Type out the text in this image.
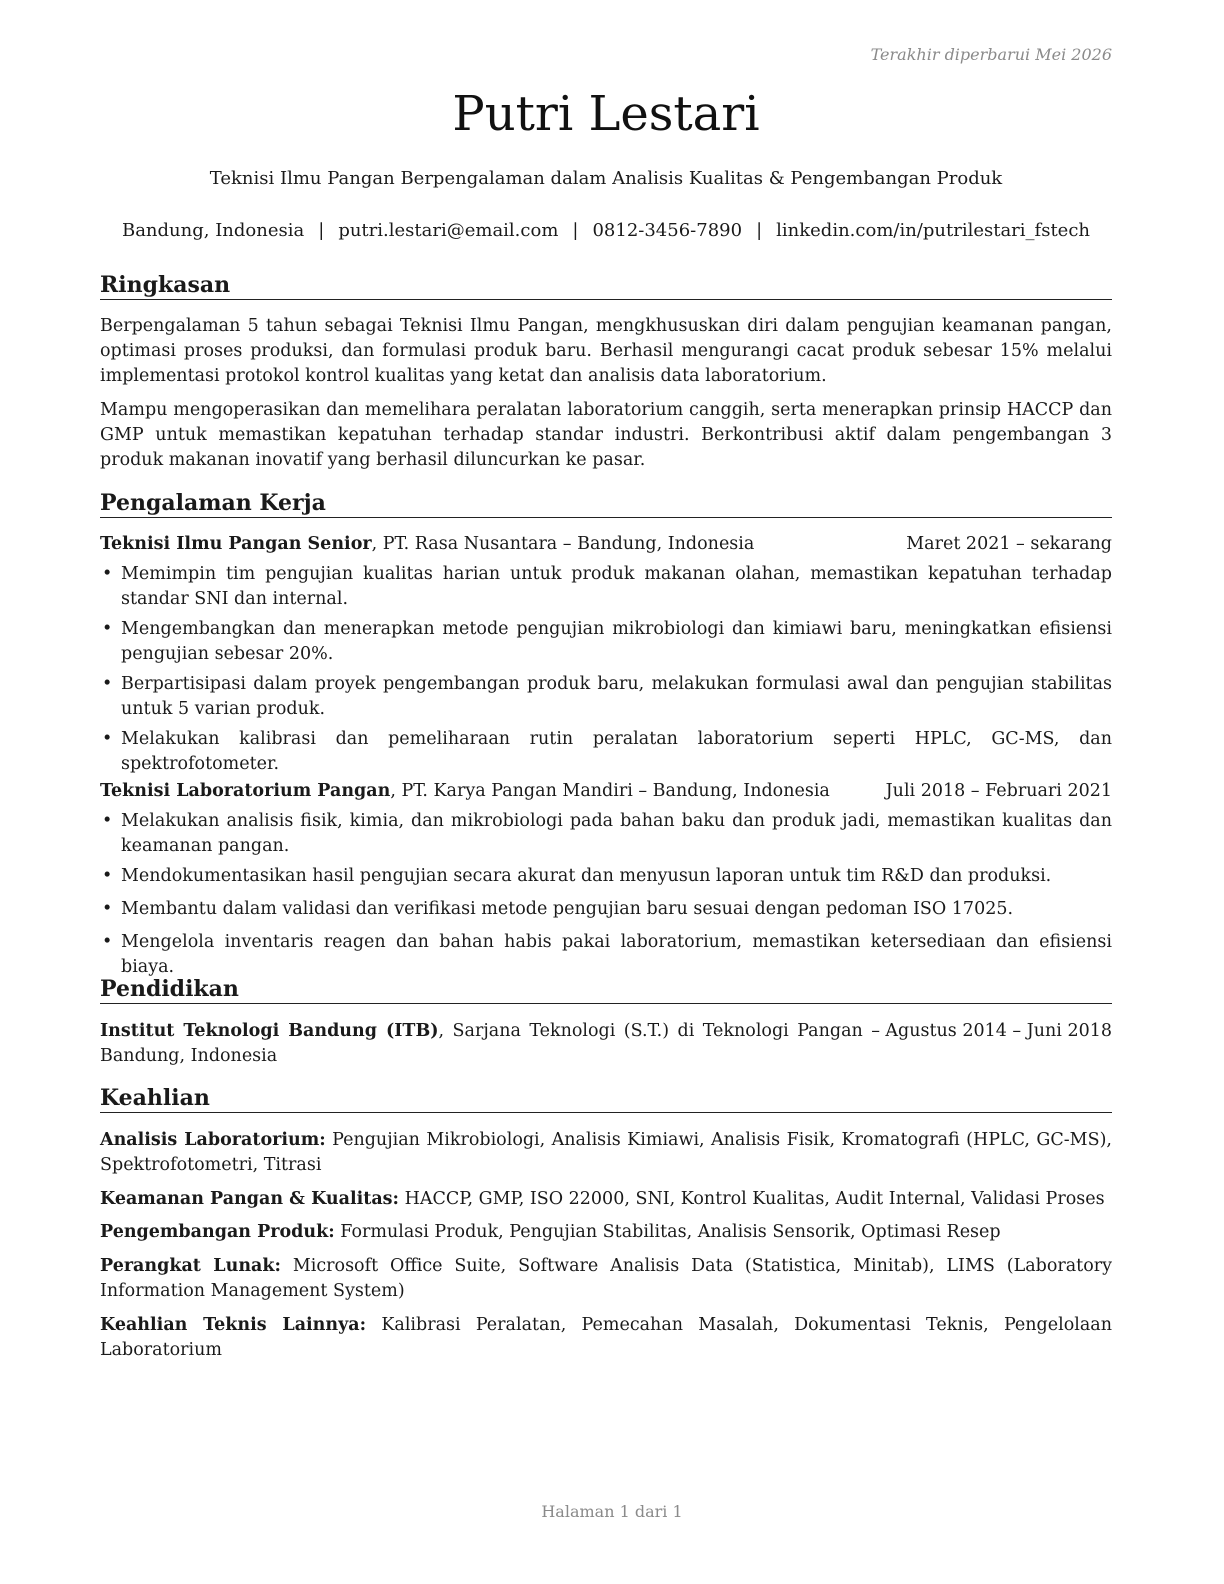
Terakhir diperbarui Mei 2026
Putri Lestari
Teknisi Ilmu Pangan Berpengalaman dalam Analisis Kualitas & Pengembangan Produk
Bandung, Indonesia | putri.lestari@email.com | 0812-3456-7890 | linkedin.com/in/putrilestari_fstech
Ringkasan
Berpengalaman 5 tahun sebagai Teknisi Ilmu Pangan, mengkhususkan diri dalam pengujian keamanan pangan, optimasi proses produksi, dan formulasi produk baru. Berhasil mengurangi cacat produk sebesar 15% melalui implementasi protokol kontrol kualitas yang ketat dan analisis data laboratorium.
Mampu mengoperasikan dan memelihara peralatan laboratorium canggih, serta menerapkan prinsip HACCP dan GMP untuk memastikan kepatuhan terhadap standar industri. Berkontribusi aktif dalam pengembangan 3 produk makanan inovatif yang berhasil diluncurkan ke pasar.
Pengalaman Kerja
Teknisi Ilmu Pangan Senior, PT. Rasa Nusantara – Bandung, Indonesia	Maret 2021 – sekarang
• Memimpin tim pengujian kualitas harian untuk produk makanan olahan, memastikan kepatuhan terhadap standar SNI dan internal.
• Mengembangkan dan menerapkan metode pengujian mikrobiologi dan kimiawi baru, meningkatkan efisiensi pengujian sebesar 20%.
• Berpartisipasi dalam proyek pengembangan produk baru, melakukan formulasi awal dan pengujian stabilitas untuk 5 varian produk.
• Melakukan kalibrasi dan pemeliharaan rutin peralatan laboratorium seperti HPLC, GC-MS, dan spektrofotometer.
Teknisi Laboratorium Pangan, PT. Karya Pangan Mandiri – Bandung, Indonesia	Juli 2018 – Februari 2021
• Melakukan analisis fisik, kimia, dan mikrobiologi pada bahan baku dan produk jadi, memastikan kualitas dan keamanan pangan.
• Mendokumentasikan hasil pengujian secara akurat dan menyusun laporan untuk tim R&D dan produksi.
• Membantu dalam validasi dan verifikasi metode pengujian baru sesuai dengan pedoman ISO 17025.
• Mengelola inventaris reagen dan bahan habis pakai laboratorium, memastikan ketersediaan dan efisiensi biaya.
Pendidikan
Institut Teknologi Bandung (ITB), Sarjana Teknologi (S.T.) di Teknologi Pangan – Bandung, Indonesia
Agustus 2014 – Juni 2018
Keahlian
Analisis Laboratorium: Pengujian Mikrobiologi, Analisis Kimiawi, Analisis Fisik, Kromatografi (HPLC, GC-MS), Spektrofotometri, Titrasi
Keamanan Pangan & Kualitas: HACCP, GMP, ISO 22000, SNI, Kontrol Kualitas, Audit Internal, Validasi Proses
Pengembangan Produk: Formulasi Produk, Pengujian Stabilitas, Analisis Sensorik, Optimasi Resep
Perangkat Lunak: Microsoft Office Suite, Software Analisis Data (Statistica, Minitab), LIMS (Laboratory Information Management System)
Keahlian Teknis Lainnya: Kalibrasi Peralatan, Pemecahan Masalah, Dokumentasi Teknis, Pengelolaan Laboratorium
Halaman 1 dari 1
